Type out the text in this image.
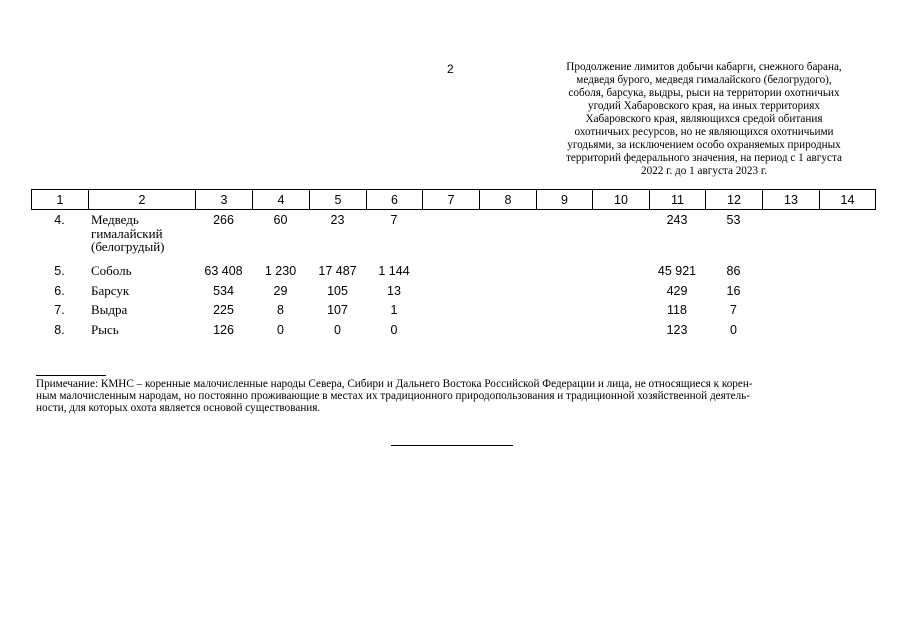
2	Продолжение лимитов добычи кабарги, снежного барана,
медведя бурого, медведя гималайского (белогрудого),
соболя, барсука, выдры, рыси на территории охотничьих
угодий Хабаровского края, на иных территориях
Хабаровского края, являющихся средой обитания
охотничьих ресурсов, но не являющихся охотничьими
угодьями, за исключением особо охраняемых природных
территорий федерального значения, на период с 1 августа
2022 г. до 1 августа 2023 г.
1	2	3	4	5	6	7	8	9	10	11	12	13	14
4.	Медведь гималайский (белогрудый)	266	60	23	7					243	53		
5.	Соболь	63 408	1 230	17 487	1 144					45 921	86		
6.	Барсук	534	29	105	13					429	16		
7.	Выдра	225	8	107	1					118	7		
8.	Рысь	126	0	0	0					123	0		
Примечание: КМНС – коренные малочисленные народы Севера, Сибири и Дальнего Востока Российской Федерации и лица, не относящиеся к корен-
ным малочисленным народам, но постоянно проживающие в местах их традиционного природопользования и традиционной хозяйственной деятель-
ности, для которых охота является основой существования.
